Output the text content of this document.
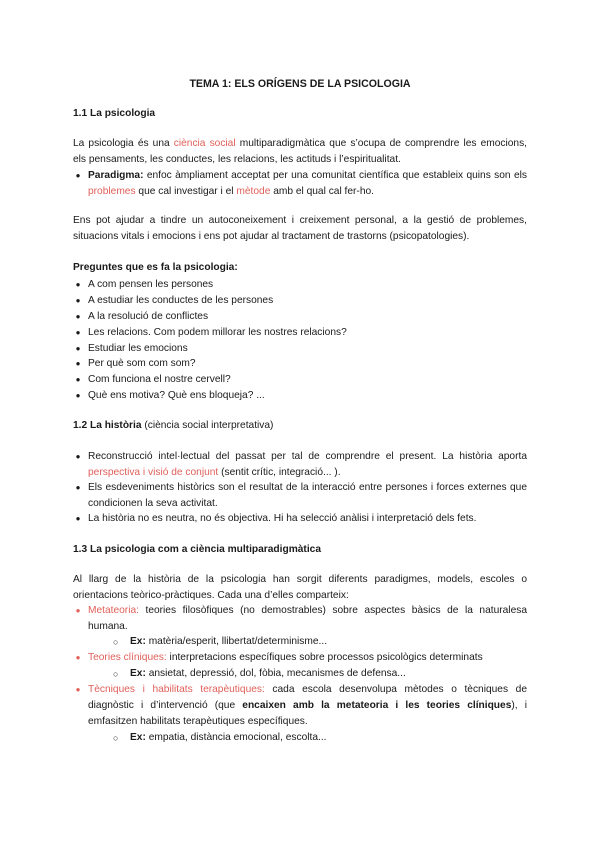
TEMA 1: ELS ORÍGENS DE LA PSICOLOGIA
1.1 La psicologia
La psicologia és una ciència social multiparadigmàtica que s’ocupa de comprendre les emocions, els pensaments, les conductes, les relacions, les actituds i l’espiritualitat.
● Paradigma: enfoc àmpliament acceptat per una comunitat científica que estableix quins son els problemes que cal investigar i el mètode amb el qual cal fer-ho.
Ens pot ajudar a tindre un autoconeixement i creixement personal, a la gestió de problemes, situacions vitals i emocions i ens pot ajudar al tractament de trastorns (psicopatologies).
Preguntes que es fa la psicologia:
● A com pensen les persones
● A estudiar les conductes de les persones
● A la resolució de conflictes
● Les relacions. Com podem millorar les nostres relacions?
● Estudiar les emocions
● Per què som com som?
● Com funciona el nostre cervell?
● Què ens motiva? Què ens bloqueja? ...
1.2 La història (ciència social interpretativa)
● Reconstrucció intel·lectual del passat per tal de comprendre el present. La història aporta perspectiva i visió de conjunt (sentit crític, integració... ).
● Els esdeveniments històrics son el resultat de la interacció entre persones i forces externes que condicionen la seva activitat.
● La història no es neutra, no és objectiva. Hi ha selecció anàlisi i interpretació dels fets.
1.3 La psicologia com a ciència multiparadigmàtica
Al llarg de la història de la psicologia han sorgit diferents paradigmes, models, escoles o orientacions teòrico-pràctiques. Cada una d’elles comparteix:
● Metateoria: teories filosòfiques (no demostrables) sobre aspectes bàsics de la naturalesa humana.
○ Ex: matèria/esperit, llibertat/determinisme...
● Teories clíniques: interpretacions específiques sobre processos psicològics determinats
○ Ex: ansietat, depressió, dol, fòbia, mecanismes de defensa...
● Tècniques i habilitats terapèutiques: cada escola desenvolupa mètodes o tècniques de diagnòstic i d’intervenció (que encaixen amb la metateoria i les teories clíniques), i emfasitzen habilitats terapèutiques específiques.
○ Ex: empatia, distància emocional, escolta...
